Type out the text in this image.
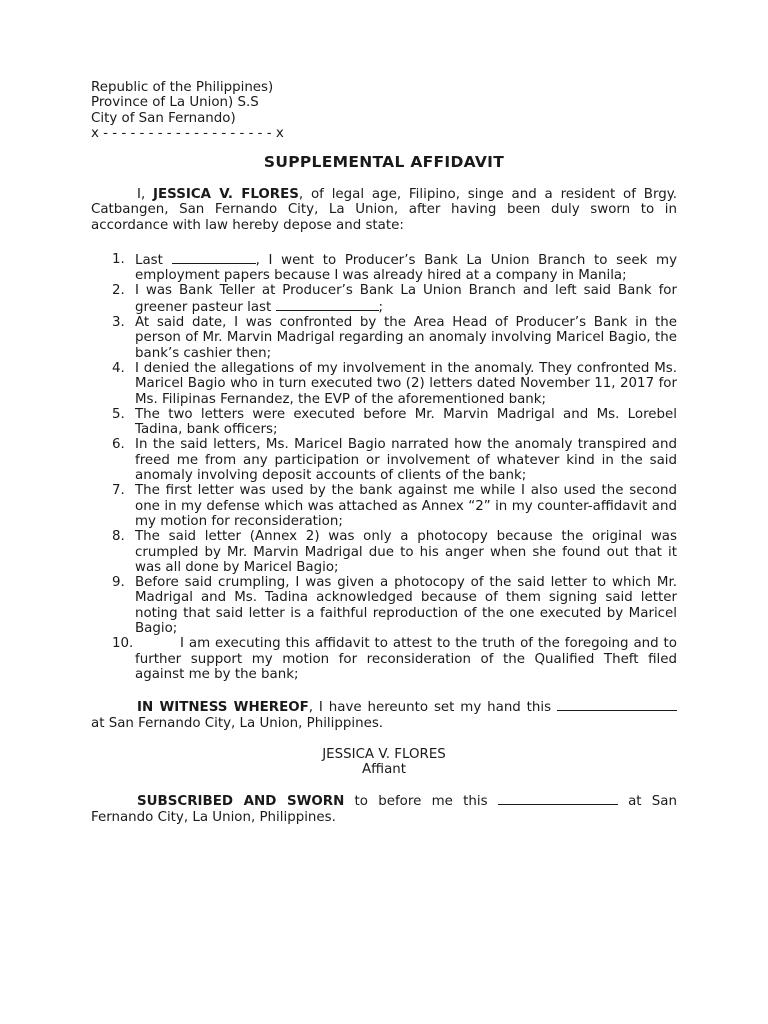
Republic of the Philippines)
Province of La Union) S.S
City of San Fernando)
x - - - - - - - - - - - - - - - - - - - x
SUPPLEMENTAL AFFIDAVIT
I, JESSICA V. FLORES, of legal age, Filipino, singe and a resident of Brgy. Catbangen, San Fernando City, La Union, after having been duly sworn to in accordance with law hereby depose and state:
1. Last	, I went to Producer’s Bank La Union Branch to seek my employment papers because I was already hired at a company in Manila;
2. I was Bank Teller at Producer’s Bank La Union Branch and left said Bank for greener pasteur last	;
3. At said date, I was confronted by the Area Head of Producer’s Bank in the person of Mr. Marvin Madrigal regarding an anomaly involving Maricel Bagio, the bank’s cashier then;
4. I denied the allegations of my involvement in the anomaly. They confronted Ms. Maricel Bagio who in turn executed two (2) letters dated November 11, 2017 for Ms. Filipinas Fernandez, the EVP of the aforementioned bank;
5. The two letters were executed before Mr. Marvin Madrigal and Ms. Lorebel Tadina, bank officers;
6. In the said letters, Ms. Maricel Bagio narrated how the anomaly transpired and freed me from any participation or involvement of whatever kind in the said anomaly involving deposit accounts of clients of the bank;
7. The first letter was used by the bank against me while I also used the second one in my defense which was attached as Annex “2” in my counter-affidavit and my motion for reconsideration;
8. The said letter (Annex 2) was only a photocopy because the original was crumpled by Mr. Marvin Madrigal due to his anger when she found out that it was all done by Maricel Bagio;
9. Before said crumpling, I was given a photocopy of the said letter to which Mr. Madrigal and Ms. Tadina acknowledged because of them signing said letter noting that said letter is a faithful reproduction of the one executed by Maricel Bagio;
10.	I am executing this affidavit to attest to the truth of the foregoing and to further support my motion for reconsideration of the Qualified Theft filed against me by the bank;
IN WITNESS WHEREOF, I have hereunto set my hand this  at San Fernando City, La Union, Philippines.
JESSICA V. FLORES
Affiant
SUBSCRIBED AND SWORN to before me this	at San Fernando City, La Union, Philippines.
